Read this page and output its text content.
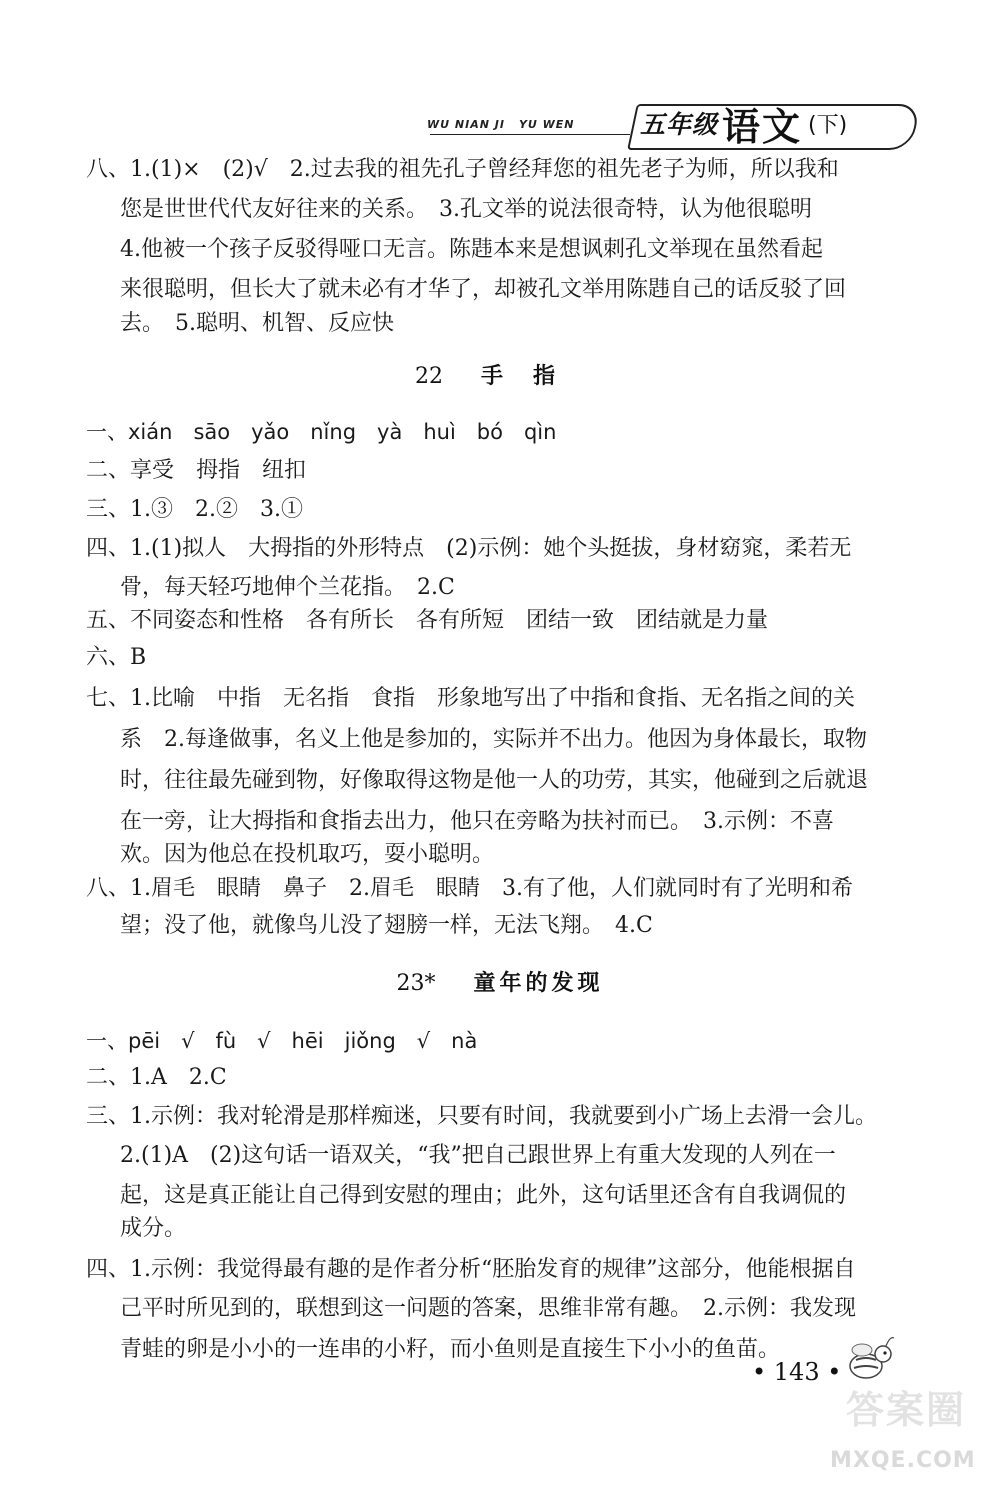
WU NIAN JI YU WEN	五年级 语文 (下)
八、1.(1)×　(2)√　2.过去我的祖先孔子曾经拜您的祖先老子为师，所以我和
您是世世代代友好往来的关系。　3.孔文举的说法很奇特，认为他很聪明
4.他被一个孩子反驳得哑口无言。陈韪本来是想讽刺孔文举现在虽然看起
来很聪明，但长大了就未必有才华了，却被孔文举用陈韪自己的话反驳了回
去。　5.聪明、机智、反应快
22 手指
一、xián　sāo　yǎo　nǐng　yà　huì　bó　qìn
二、享受　拇指　纽扣
三、1.③　2.②　3.①
四、1.(1)拟人　大拇指的外形特点　(2)示例：她个头挺拔，身材窈窕，柔若无
骨，每天轻巧地伸个兰花指。　2.C
五、不同姿态和性格　各有所长　各有所短　团结一致　团结就是力量
六、B
七、1.比喻　中指　无名指　食指　形象地写出了中指和食指、无名指之间的关
系　2.每逢做事，名义上他是参加的，实际并不出力。他因为身体最长，取物
时，往往最先碰到物，好像取得这物是他一人的功劳，其实，他碰到之后就退
在一旁，让大拇指和食指去出力，他只在旁略为扶衬而已。　3.示例：不喜
欢。因为他总在投机取巧，耍小聪明。
八、1.眉毛　眼睛　鼻子　2.眉毛　眼睛　3.有了他，人们就同时有了光明和希
望；没了他，就像鸟儿没了翅膀一样，无法飞翔。　4.C
23* 童年的发现
一、pēi　√　fù　√　hēi　jiǒng　√　nà
二、1.A　2.C
三、1.示例：我对轮滑是那样痴迷，只要有时间，我就要到小广场上去滑一会儿。
2.(1)A　(2)这句话一语双关，“我”把自己跟世界上有重大发现的人列在一
起，这是真正能让自己得到安慰的理由；此外，这句话里还含有自我调侃的
成分。
四、1.示例：我觉得最有趣的是作者分析“胚胎发育的规律”这部分，他能根据自
己平时所见到的，联想到这一问题的答案，思维非常有趣。　2.示例：我发现
青蛙的卵是小小的一连串的小籽，而小鱼则是直接生下小小的鱼苗。
• 143 •
答案圈
MXQE.COM
